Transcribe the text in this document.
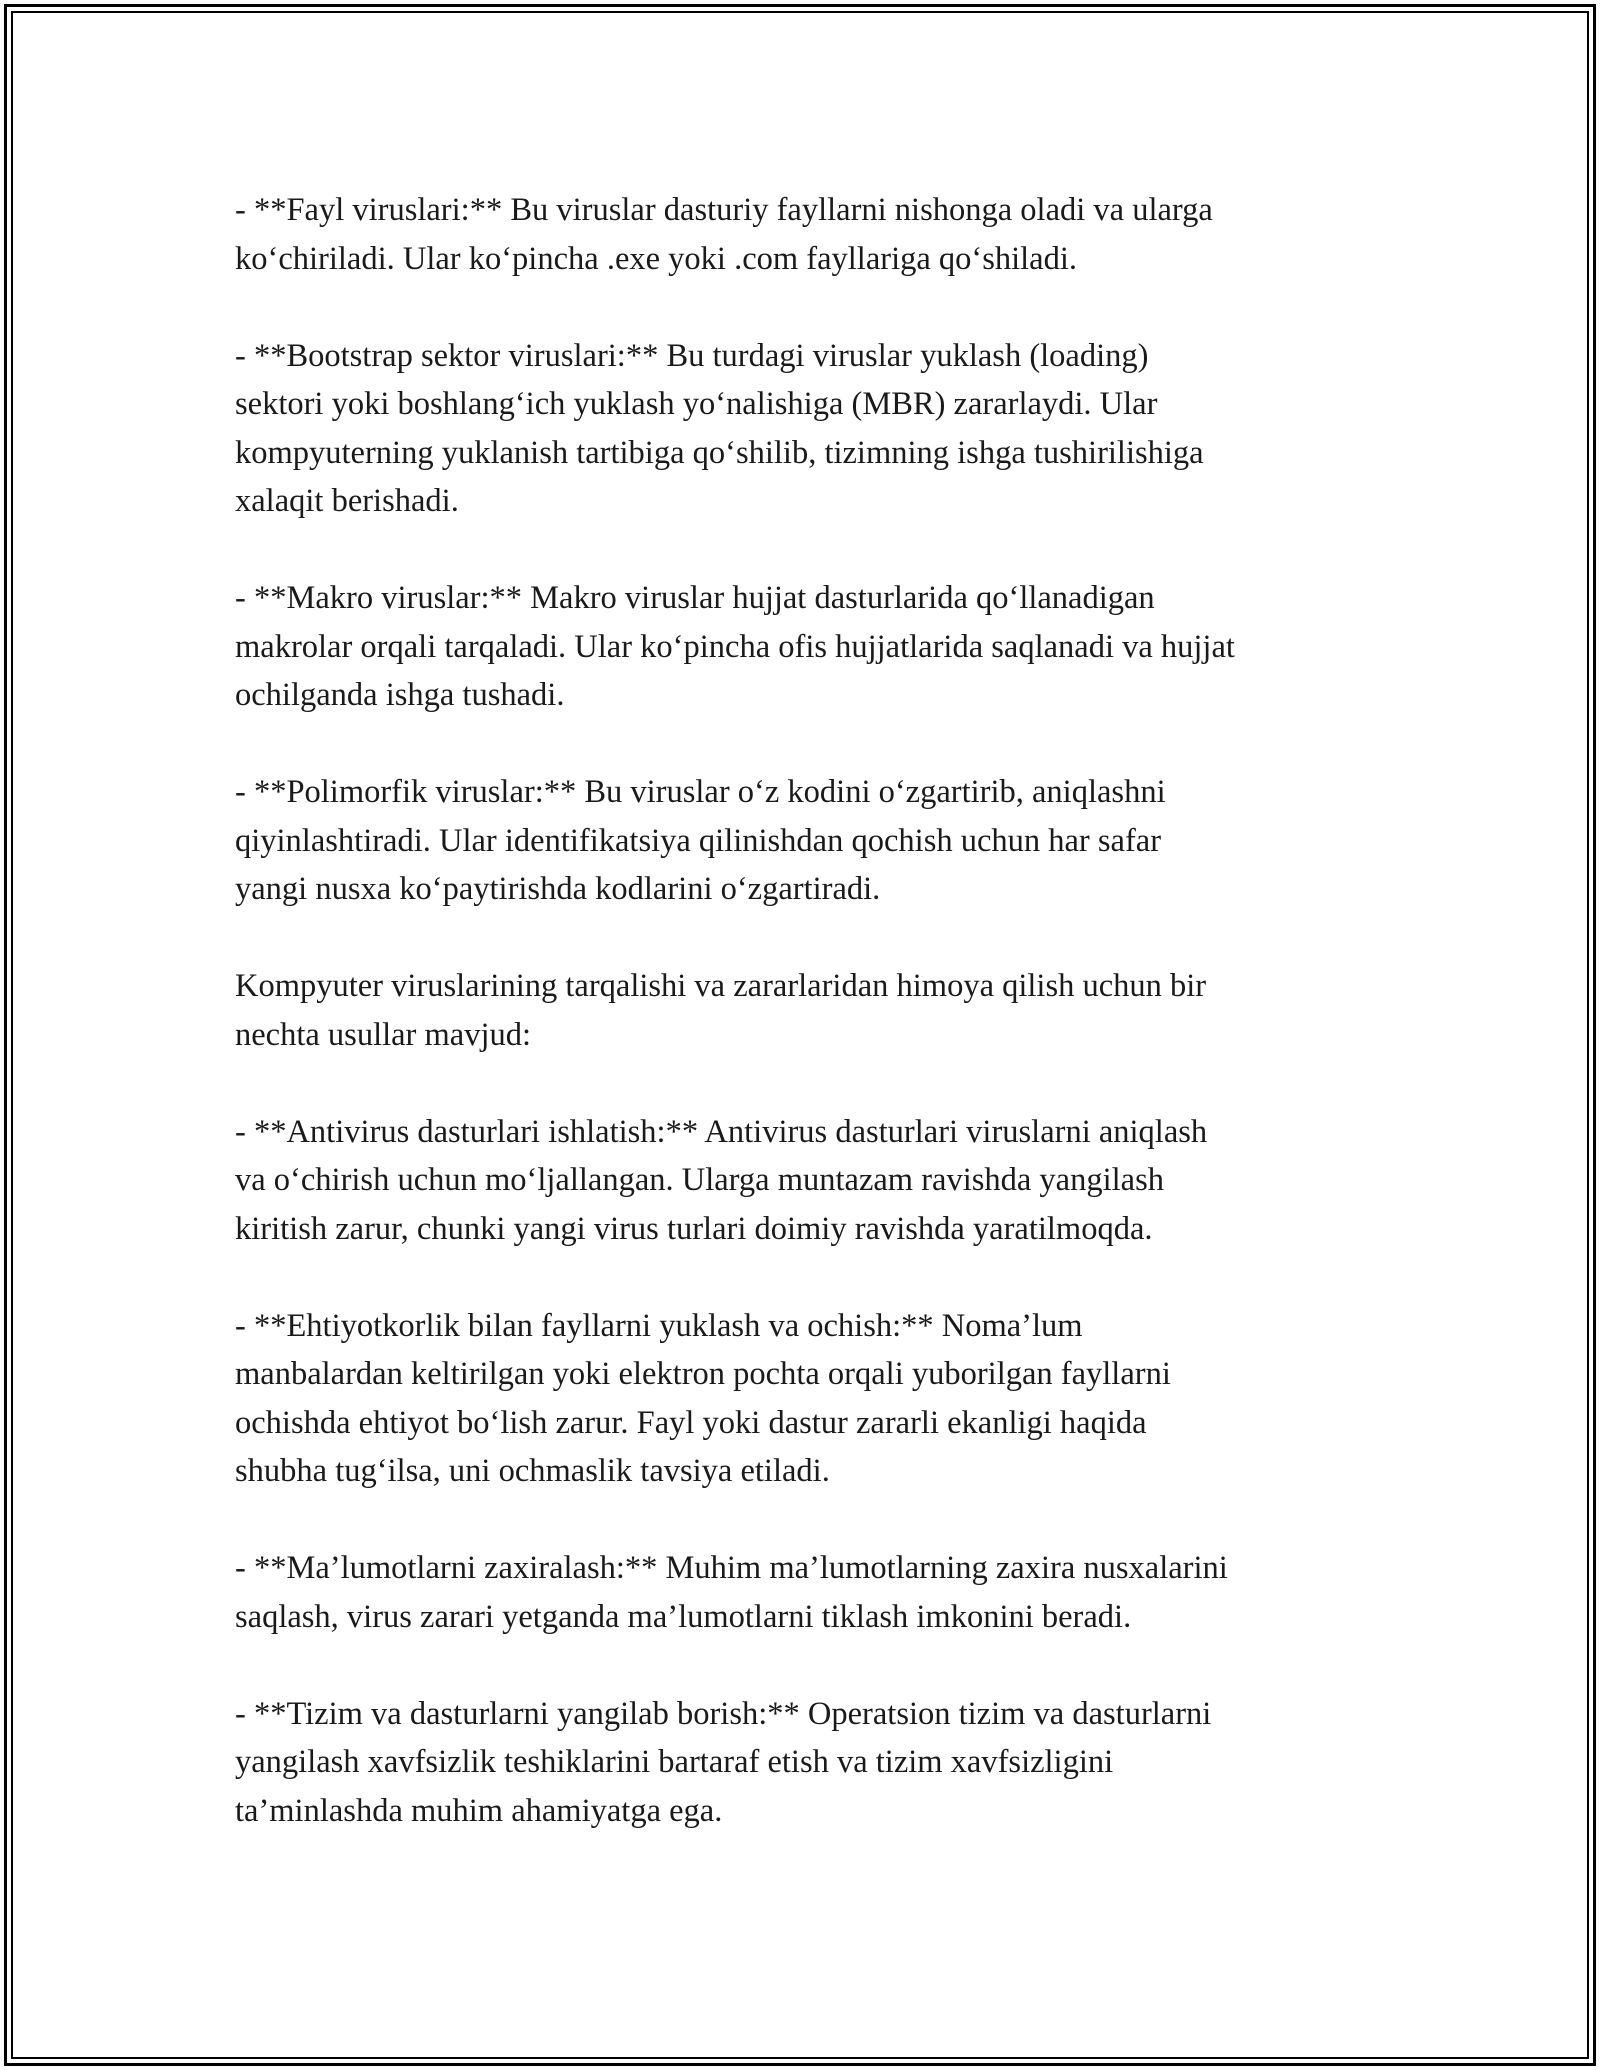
- **Fayl viruslari:** Bu viruslar dasturiy fayllarni nishonga oladi va ularga
ko‘chiriladi. Ular ko‘pincha .exe yoki .com fayllariga qo‘shiladi.

- **Bootstrap sektor viruslari:** Bu turdagi viruslar yuklash (loading)
sektori yoki boshlang‘ich yuklash yo‘nalishiga (MBR) zararlaydi. Ular
kompyuterning yuklanish tartibiga qo‘shilib, tizimning ishga tushirilishiga
xalaqit berishadi.

- **Makro viruslar:** Makro viruslar hujjat dasturlarida qo‘llanadigan
makrolar orqali tarqaladi. Ular ko‘pincha ofis hujjatlarida saqlanadi va hujjat
ochilganda ishga tushadi.

- **Polimorfik viruslar:** Bu viruslar o‘z kodini o‘zgartirib, aniqlashni
qiyinlashtiradi. Ular identifikatsiya qilinishdan qochish uchun har safar
yangi nusxa ko‘paytirishda kodlarini o‘zgartiradi.

Kompyuter viruslarining tarqalishi va zararlaridan himoya qilish uchun bir
nechta usullar mavjud:

- **Antivirus dasturlari ishlatish:** Antivirus dasturlari viruslarni aniqlash
va o‘chirish uchun mo‘ljallangan. Ularga muntazam ravishda yangilash
kiritish zarur, chunki yangi virus turlari doimiy ravishda yaratilmoqda.

- **Ehtiyotkorlik bilan fayllarni yuklash va ochish:** Noma’lum
manbalardan keltirilgan yoki elektron pochta orqali yuborilgan fayllarni
ochishda ehtiyot bo‘lish zarur. Fayl yoki dastur zararli ekanligi haqida
shubha tug‘ilsa, uni ochmaslik tavsiya etiladi.

- **Ma’lumotlarni zaxiralash:** Muhim ma’lumotlarning zaxira nusxalarini
saqlash, virus zarari yetganda ma’lumotlarni tiklash imkonini beradi.

- **Tizim va dasturlarni yangilab borish:** Operatsion tizim va dasturlarni
yangilash xavfsizlik teshiklarini bartaraf etish va tizim xavfsizligini
ta’minlashda muhim ahamiyatga ega.
